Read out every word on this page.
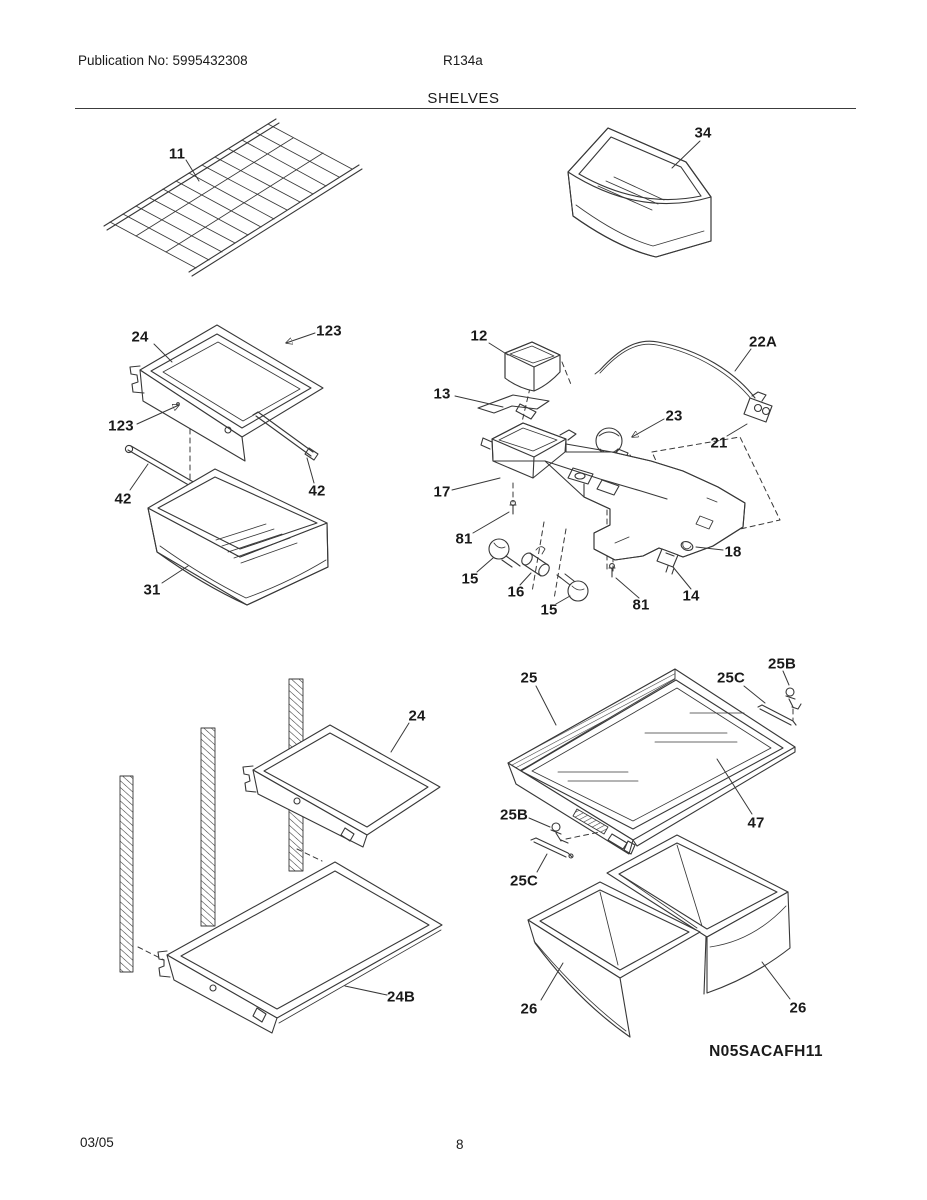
Publication No: 5995432308	R134a
SHELVES
11
34
24	123
123
42	42
31
12	22A
13
23
21
17
81
15
16
15	81
14
18
24
24B
25	25C
25B
47
25B
25C
26	26
N05SACAFH11
03/05	8
